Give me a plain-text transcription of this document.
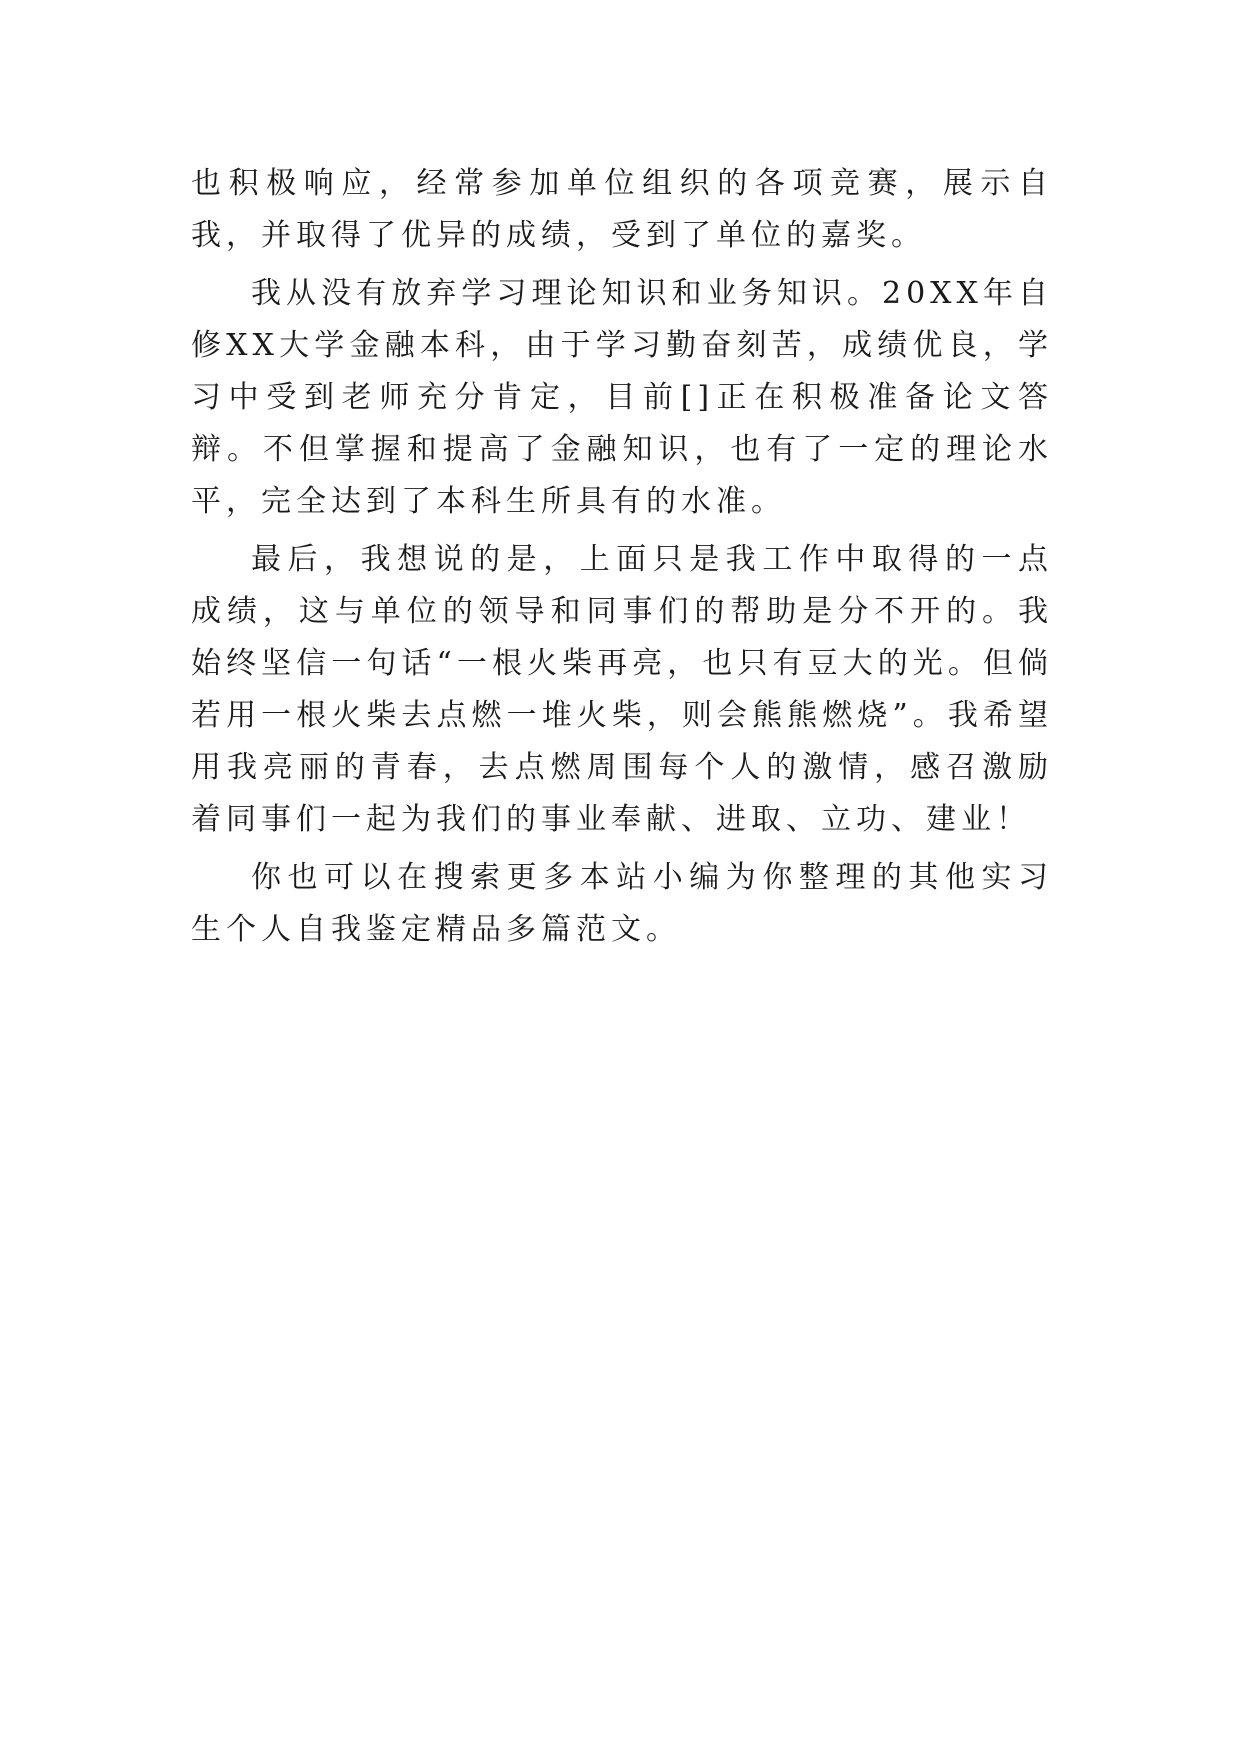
也积极响应，经常参加单位组织的各项竞赛，展示自我，并取得了优异的成绩，受到了单位的嘉奖。

我从没有放弃学习理论知识和业务知识。20XX年自修XX大学金融本科，由于学习勤奋刻苦，成绩优良，学习中受到老师充分肯定，目前[]正在积极准备论文答辩。不但掌握和提高了金融知识，也有了一定的理论水平，完全达到了本科生所具有的水准。

最后，我想说的是，上面只是我工作中取得的一点成绩，这与单位的领导和同事们的帮助是分不开的。我始终坚信一句话“一根火柴再亮，也只有豆大的光。但倘若用一根火柴去点燃一堆火柴，则会熊熊燃烧”。我希望用我亮丽的青春，去点燃周围每个人的激情，感召激励着同事们一起为我们的事业奉献、进取、立功、建业！

你也可以在搜索更多本站小编为你整理的其他实习生个人自我鉴定精品多篇范文。
